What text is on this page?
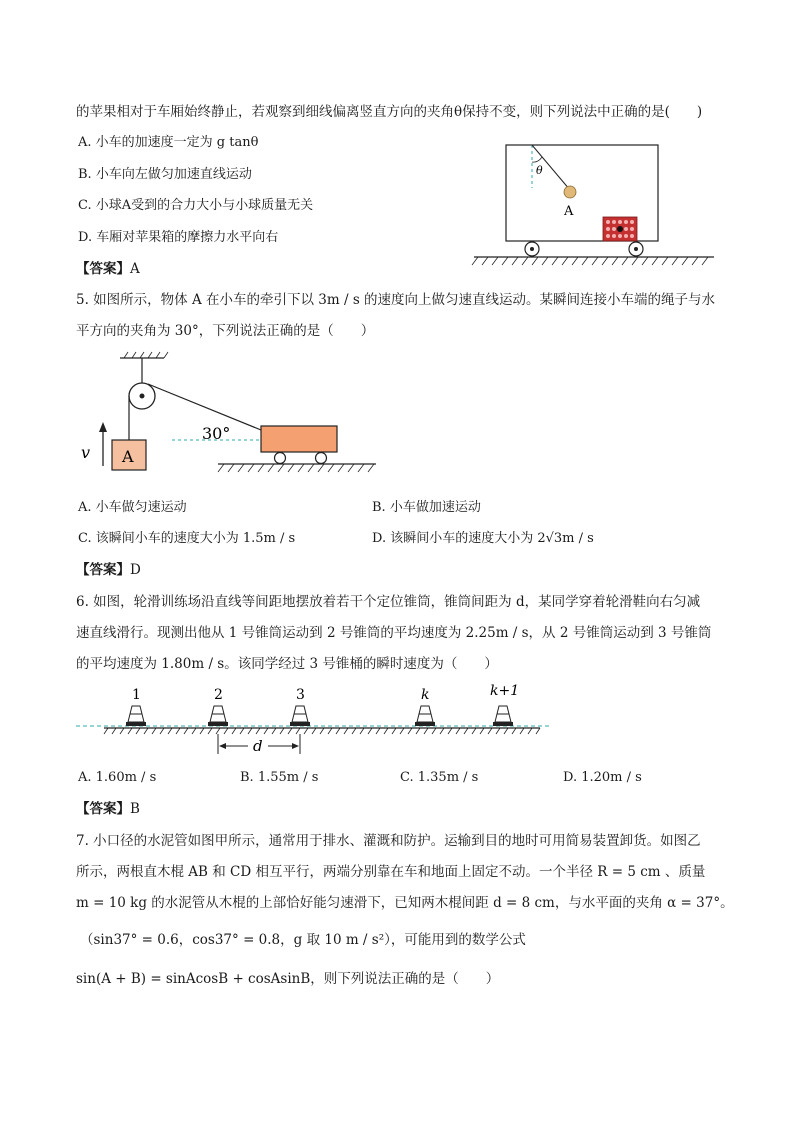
的苹果相对于车厢始终静止，若观察到细线偏离竖直方向的夹角θ保持不变，则下列说法中正确的是(　　)
A. 小车的加速度一定为 g tanθ
B. 小车向左做匀加速直线运动
C. 小球A受到的合力大小与小球质量无关
D. 车厢对苹果箱的摩擦力水平向右
【答案】A
θ
A
5. 如图所示，物体 A 在小车的牵引下以 3m / s 的速度向上做匀速直线运动。某瞬间连接小车端的绳子与水
平方向的夹角为 30°，下列说法正确的是（　　）
30°
A
v
A. 小车做匀速运动	B. 小车做加速运动
C. 该瞬间小车的速度大小为 1.5m / s	D. 该瞬间小车的速度大小为 2√3m / s
【答案】D
6. 如图，轮滑训练场沿直线等间距地摆放着若干个定位锥筒，锥筒间距为 d，某同学穿着轮滑鞋向右匀减
速直线滑行。现测出他从 1 号锥筒运动到 2 号锥筒的平均速度为 2.25m / s，从 2 号锥筒运动到 3 号锥筒
的平均速度为 1.80m / s。该同学经过 3 号锥桶的瞬时速度为（　　）
1	2	3	k	k+1
d
A. 1.60m / s	B. 1.55m / s	C. 1.35m / s	D. 1.20m / s
【答案】B
7. 小口径的水泥管如图甲所示，通常用于排水、灌溉和防护。运输到目的地时可用简易装置卸货。如图乙
所示，两根直木棍 AB 和 CD 相互平行，两端分别靠在车和地面上固定不动。一个半径 R = 5 cm 、质量
m = 10 kg 的水泥管从木棍的上部恰好能匀速滑下，已知两木棍间距 d = 8 cm，与水平面的夹角 α = 37°。
（sin37° = 0.6，cos37° = 0.8，g 取 10 m / s²），可能用到的数学公式
sin(A + B) = sinAcosB + cosAsinB，则下列说法正确的是（　　）
